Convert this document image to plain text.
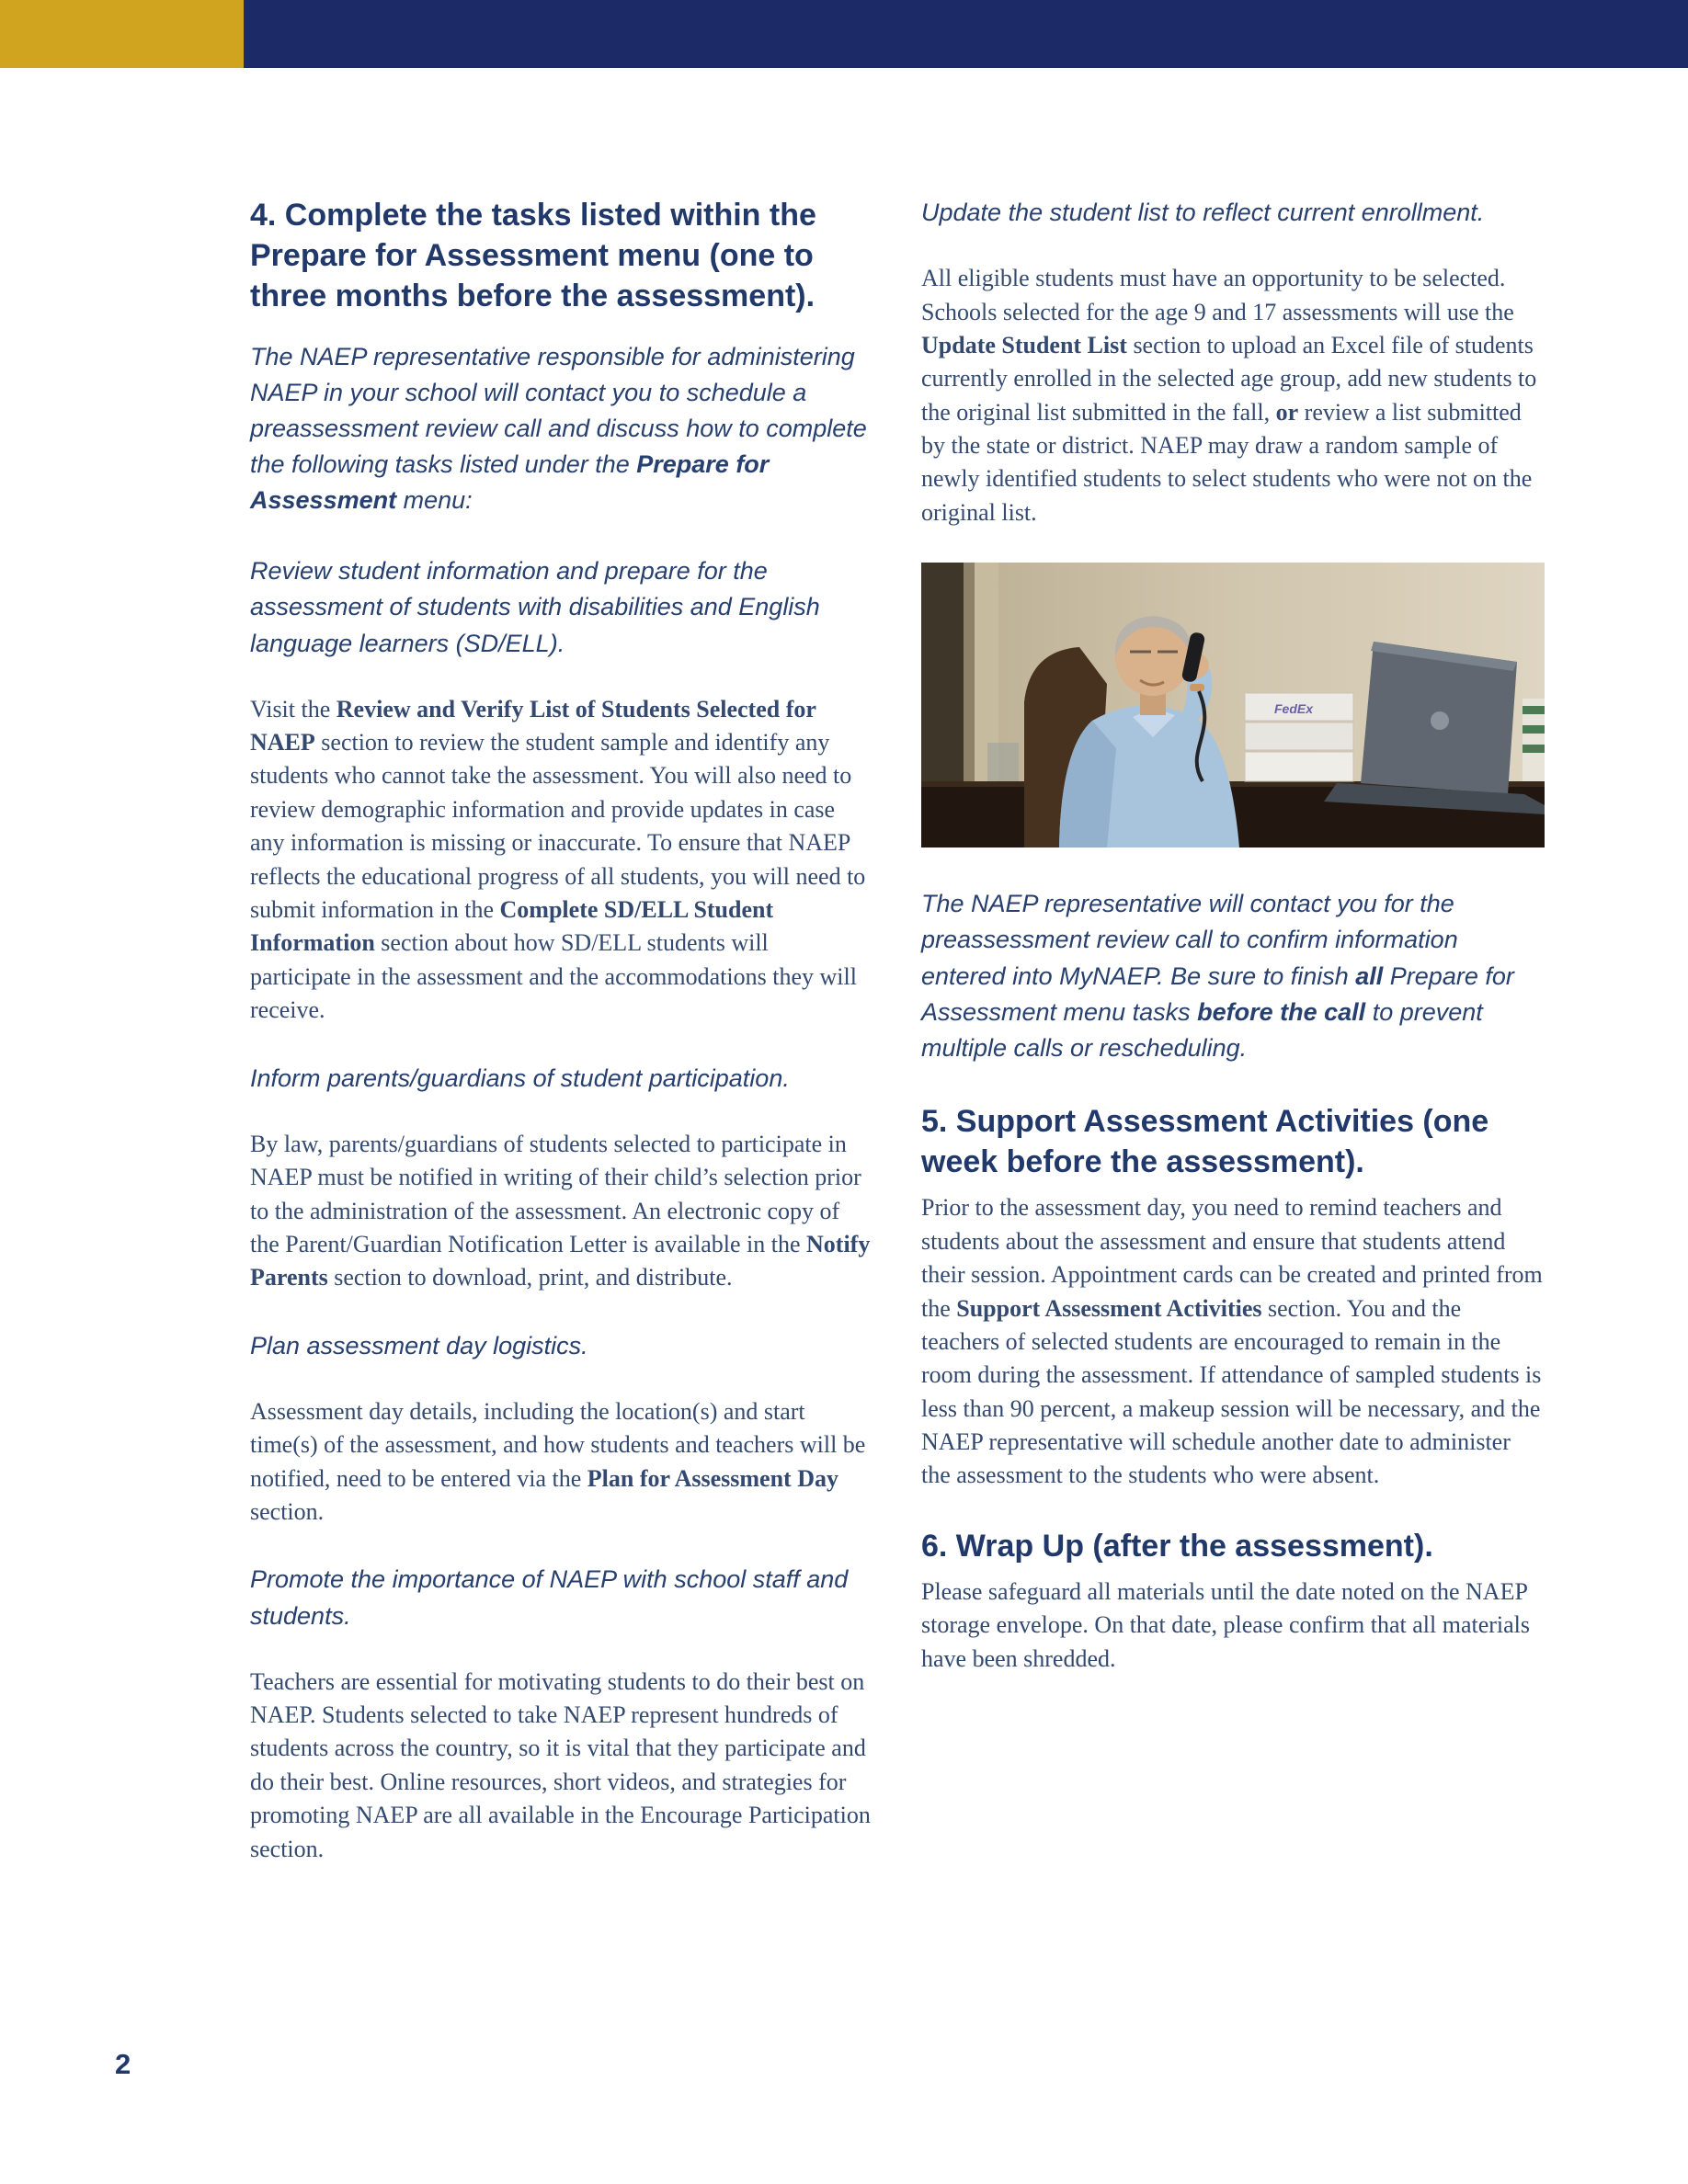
4. Complete the tasks listed within the Prepare for Assessment menu (one to three months before the assessment).

The NAEP representative responsible for administering NAEP in your school will contact you to schedule a preassessment review call and discuss how to complete the following tasks listed under the Prepare for Assessment menu:

Review student information and prepare for the assessment of students with disabilities and English language learners (SD/ELL).

Visit the Review and Verify List of Students Selected for NAEP section to review the student sample and identify any students who cannot take the assessment. You will also need to review demographic information and provide updates in case any information is missing or inaccurate. To ensure that NAEP reflects the educational progress of all students, you will need to submit information in the Complete SD/ELL Student Information section about how SD/ELL students will participate in the assessment and the accommodations they will receive.

Inform parents/guardians of student participation.

By law, parents/guardians of students selected to participate in NAEP must be notified in writing of their child’s selection prior to the administration of the assessment. An electronic copy of the Parent/Guardian Notification Letter is available in the Notify Parents section to download, print, and distribute.

Plan assessment day logistics.

Assessment day details, including the location(s) and start time(s) of the assessment, and how students and teachers will be notified, need to be entered via the Plan for Assessment Day section.

Promote the importance of NAEP with school staff and students.

Teachers are essential for motivating students to do their best on NAEP. Students selected to take NAEP represent hundreds of students across the country, so it is vital that they participate and do their best. Online resources, short videos, and strategies for promoting NAEP are all available in the Encourage Participation section.

Update the student list to reflect current enrollment.

All eligible students must have an opportunity to be selected. Schools selected for the age 9 and 17 assessments will use the Update Student List section to upload an Excel file of students currently enrolled in the selected age group, add new students to the original list submitted in the fall, or review a list submitted by the state or district. NAEP may draw a random sample of newly identified students to select students who were not on the original list.

FedEx

The NAEP representative will contact you for the preassessment review call to confirm information entered into MyNAEP. Be sure to finish all Prepare for Assessment menu tasks before the call to prevent multiple calls or rescheduling.

5. Support Assessment Activities (one week before the assessment).

Prior to the assessment day, you need to remind teachers and students about the assessment and ensure that students attend their session. Appointment cards can be created and printed from the Support Assessment Activities section. You and the teachers of selected students are encouraged to remain in the room during the assessment. If attendance of sampled students is less than 90 percent, a makeup session will be necessary, and the NAEP representative will schedule another date to administer the assessment to the students who were absent.

6. Wrap Up (after the assessment).

Please safeguard all materials until the date noted on the NAEP storage envelope. On that date, please confirm that all materials have been shredded.

2
